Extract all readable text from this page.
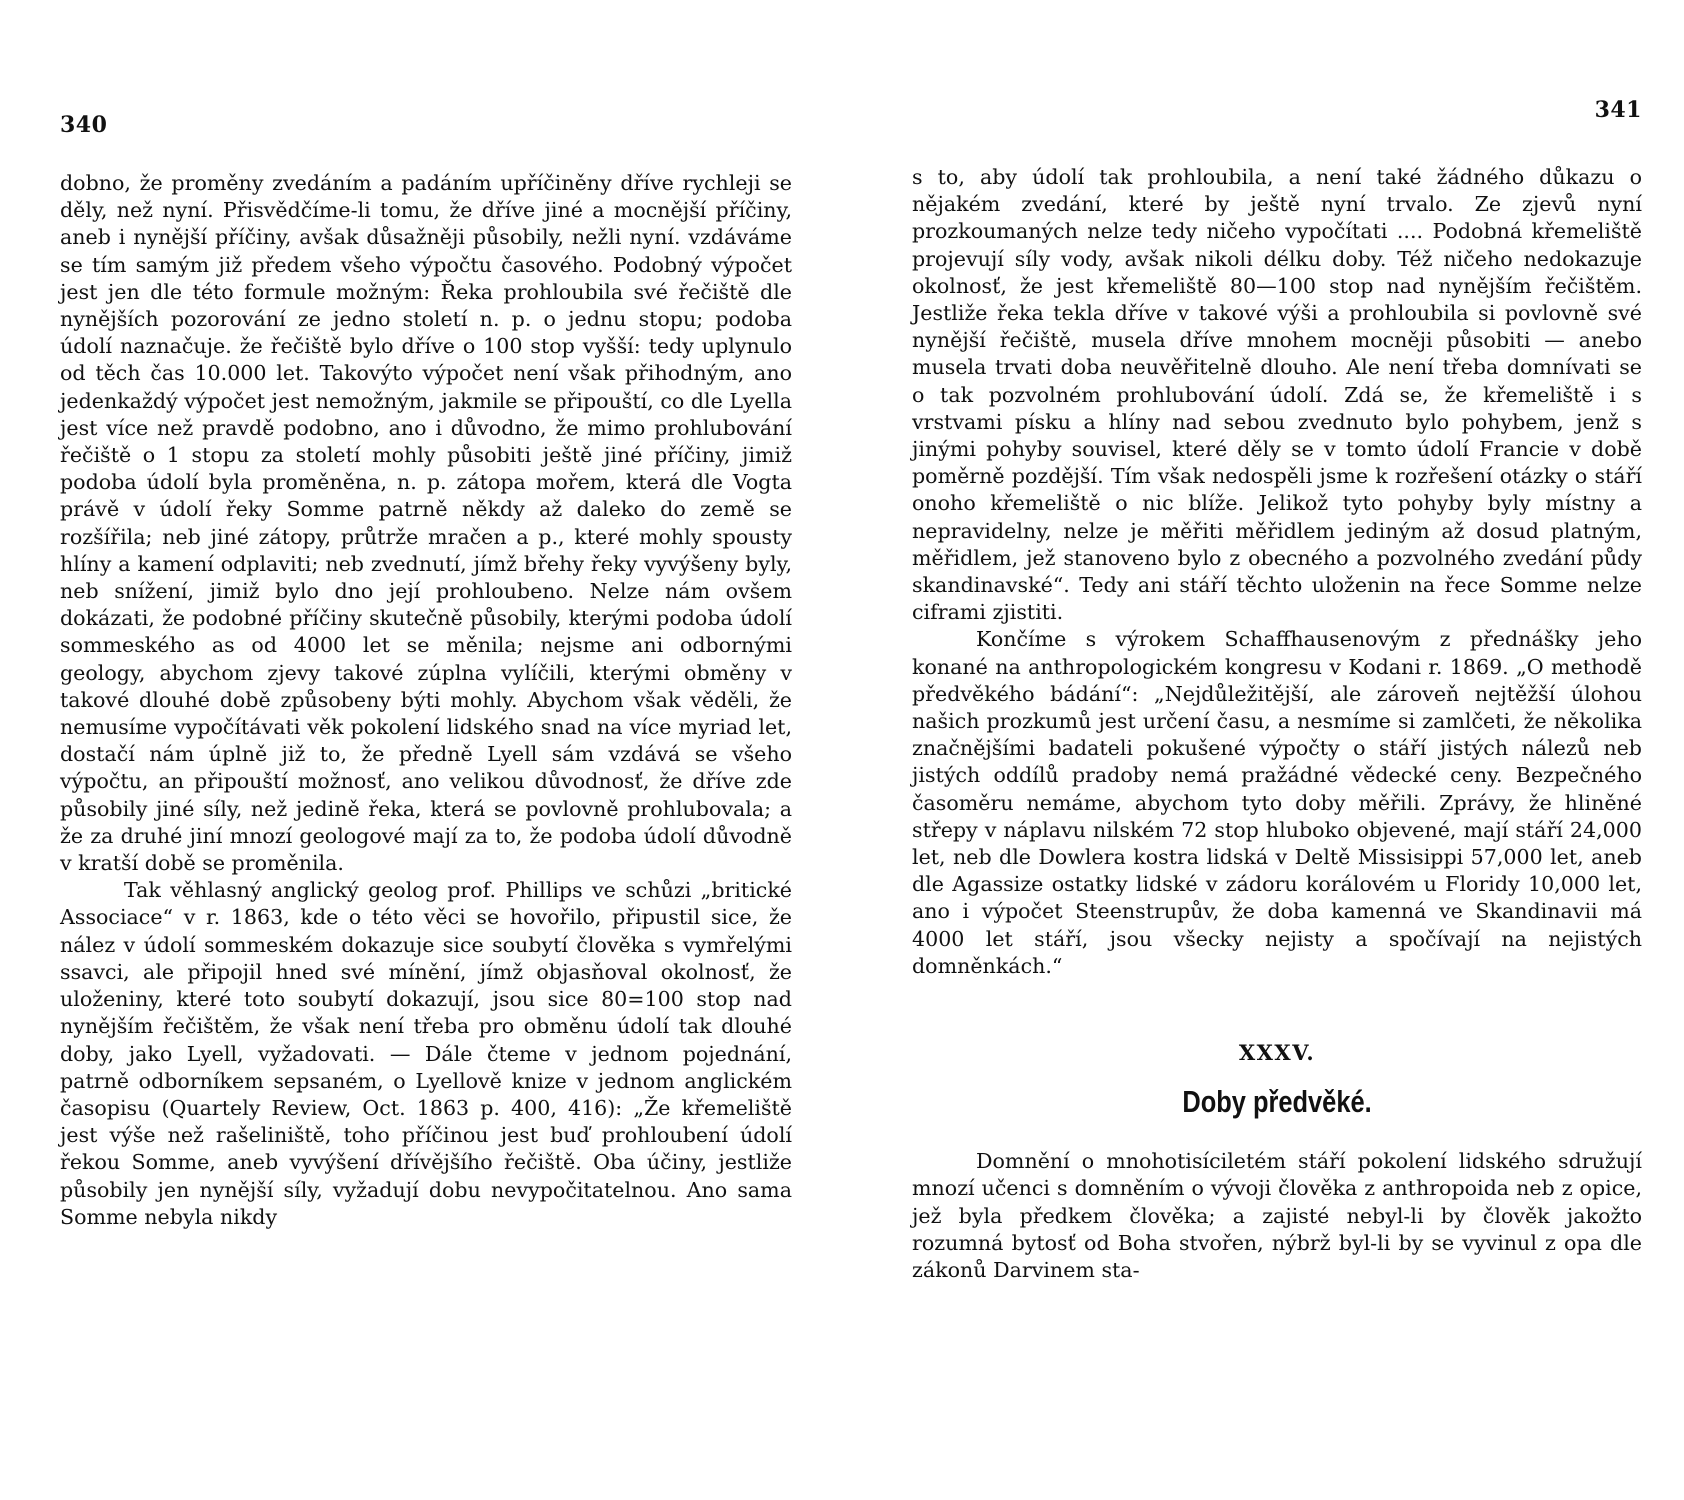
340

dobno, že proměny zvedáním a padáním upříčiněny dříve rychleji se děly, než nyní. Přisvědčíme-li tomu, že dříve jiné a mocnější příčiny, aneb i nynější příčiny, avšak důsažněji působily, nežli nyní. vzdáváme se tím samým již předem všeho výpočtu časového. Podobný výpočet jest jen dle této formule možným: Řeka prohloubila své řečiště dle nynějších pozorování ze jedno století n. p. o jednu stopu; podoba údolí naznačuje. že řečiště bylo dříve o 100 stop vyšší: tedy uplynulo od těch čas 10.000 let. Takovýto výpočet není však přihodným, ano jedenkaždý výpočet jest nemožným, jakmile se připouští, co dle Lyella jest více než pravdě podobno, ano i důvodno, že mimo prohlubování řečiště o 1 stopu za století mohly působiti ještě jiné příčiny, jimiž podoba údolí byla proměněna, n. p. zátopa mořem, která dle Vogta právě v údolí řeky Somme patrně někdy až daleko do země se rozšířila; neb jiné zátopy, průtrže mračen a p., které mohly spousty hlíny a kamení odplaviti; neb zvednutí, jímž břehy řeky vyvýšeny byly, neb snížení, jimiž bylo dno její prohloubeno. Nelze nám ovšem dokázati, že podobné příčiny skutečně působily, kterými podoba údolí sommeského as od 4000 let se měnila; nejsme ani odbornými geology, abychom zjevy takové zúplna vylíčili, kterými obměny v takové dlouhé době způsobeny býti mohly. Abychom však věděli, že nemusíme vypočítávati věk pokolení lidského snad na více myriad let, dostačí nám úplně již to, že předně Lyell sám vzdává se všeho výpočtu, an připouští možnosť, ano velikou důvodnosť, že dříve zde působily jiné síly, než jedině řeka, která se povlovně prohlubovala; a že za druhé jiní mnozí geologové mají za to, že podoba údolí důvodně v kratší době se proměnila.

Tak věhlasný anglický geolog prof. Phillips ve schůzi „britické Associace“ v r. 1863, kde o této věci se hovořilo, připustil sice, že nález v údolí sommeském dokazuje sice soubytí člověka s vymřelými ssavci, ale připojil hned své mínění, jímž objasňoval okolnosť, že uloženiny, které toto soubytí dokazují, jsou sice 80=100 stop nad nynějším řečištěm, že však není třeba pro obměnu údolí tak dlouhé doby, jako Lyell, vyžadovati. — Dále čteme v jednom pojednání, patrně odborníkem sepsaném, o Lyellově knize v jednom anglickém časopisu (Quartely Review, Oct. 1863 p. 400, 416): „Že křemeliště jest výše než rašeliniště, toho příčinou jest buď prohloubení údolí řekou Somme, aneb vyvýšení dřívějšího řečiště. Oba účiny, jestliže působily jen nynější síly, vyžadují dobu nevypočitatelnou. Ano sama Somme nebyla nikdy

341

s to, aby údolí tak prohloubila, a není také žádného důkazu o nějakém zvedání, které by ještě nyní trvalo. Ze zjevů nyní prozkoumaných nelze tedy ničeho vypočítati .... Podobná křemeliště projevují síly vody, avšak nikoli délku doby. Též ničeho nedokazuje okolnosť, že jest křemeliště 80—100 stop nad nynějším řečištěm. Jestliže řeka tekla dříve v takové výši a prohloubila si povlovně své nynější řečiště, musela dříve mnohem mocněji působiti — anebo musela trvati doba neuvěřitelně dlouho. Ale není třeba domnívati se o tak pozvolném prohlubování údolí. Zdá se, že křemeliště i s vrstvami písku a hlíny nad sebou zvednuto bylo pohybem, jenž s jinými pohyby souvisel, které děly se v tomto údolí Francie v době poměrně pozdější. Tím však nedospěli jsme k rozřešení otázky o stáří onoho křemeliště o nic blíže. Jelikož tyto pohyby byly místny a nepravidelny, nelze je měřiti měřidlem jediným až dosud platným, měřidlem, jež stanoveno bylo z obecného a pozvolného zvedání půdy skandinavské“. Tedy ani stáří těchto uloženin na řece Somme nelze ciframi zjistiti.

Končíme s výrokem Schaffhausenovým z přednášky jeho konané na anthropologickém kongresu v Kodani r. 1869. „O methodě předvěkého bádání“: „Nejdůležitější, ale zároveň nejtěžší úlohou našich prozkumů jest určení času, a nesmíme si zamlčeti, že několika značnějšími badateli pokušené výpočty o stáří jistých nálezů neb jistých oddílů pradoby nemá pražádné vědecké ceny. Bezpečného časoměru nemáme, abychom tyto doby měřili. Zprávy, že hliněné střepy v náplavu nilském 72 stop hluboko objevené, mají stáří 24,000 let, neb dle Dowlera kostra lidská v Deltě Missisippi 57,000 let, aneb dle Agassize ostatky lidské v zádoru korálovém u Floridy 10,000 let, ano i výpočet Steenstrupův, že doba kamenná ve Skandinavii má 4000 let stáří, jsou všecky nejisty a spočívají na nejistých domněnkách.“

XXXV.
Doby předvěké.

Domnění o mnohotisíciletém stáří pokolení lidského sdružují mnozí učenci s domněním o vývoji člověka z anthropoida neb z opice, jež byla předkem člověka; a zajisté nebyl-li by člověk jakožto rozumná bytosť od Boha stvořen, nýbrž byl-li by se vyvinul z opa dle zákonů Darvinem sta-
